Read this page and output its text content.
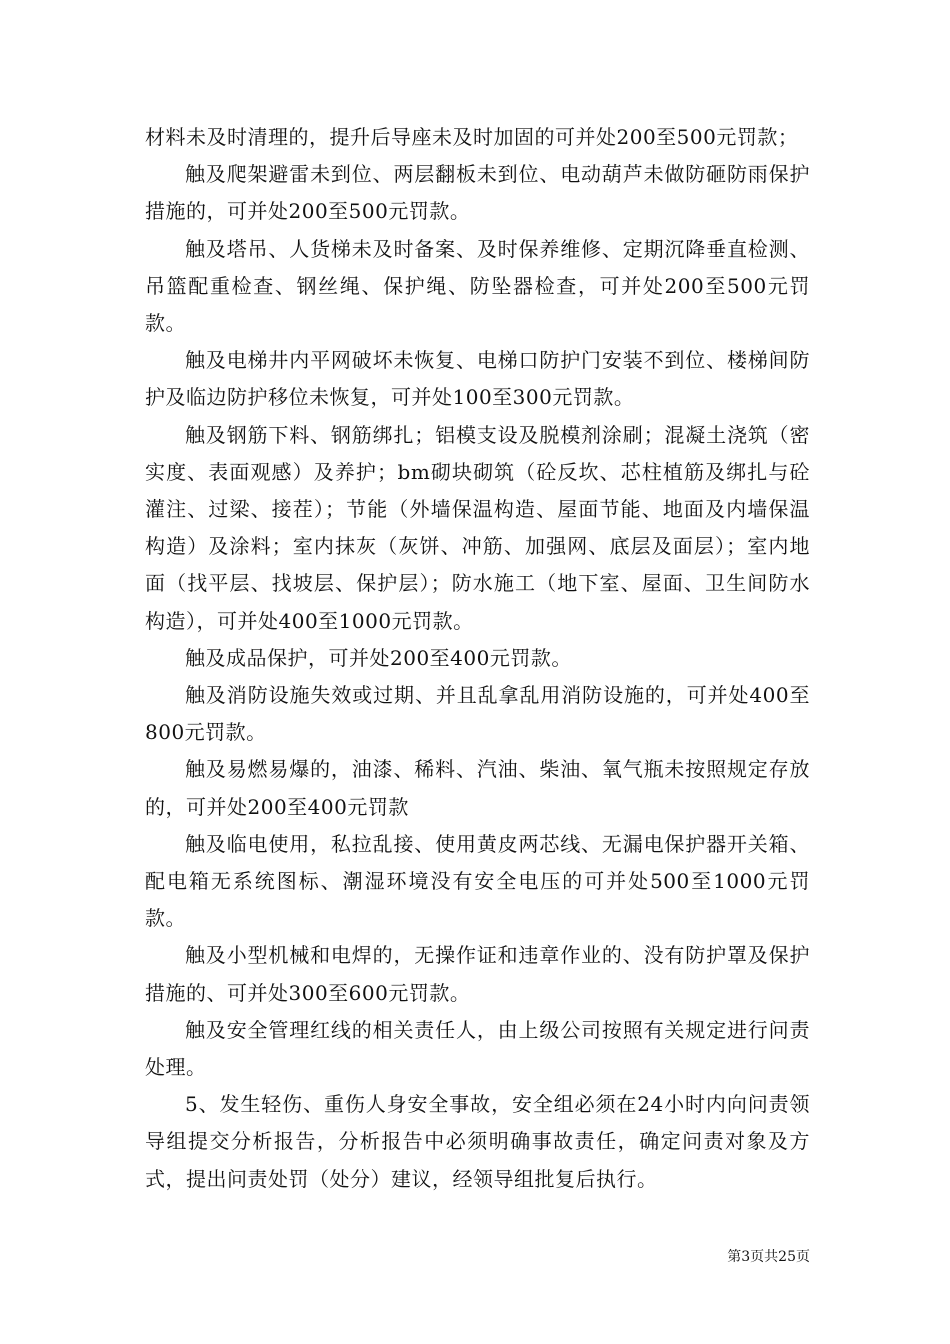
材料未及时清理的，提升后导座未及时加固的可并处200至500元罚款；

触及爬架避雷未到位、两层翻板未到位、电动葫芦未做防砸防雨保护措施的，可并处200至500元罚款。

触及塔吊、人货梯未及时备案、及时保养维修、定期沉降垂直检测、吊篮配重检查、钢丝绳、保护绳、防坠器检查，可并处200至500元罚款。

触及电梯井内平网破坏未恢复、电梯口防护门安装不到位、楼梯间防护及临边防护移位未恢复，可并处100至300元罚款。

触及钢筋下料、钢筋绑扎；铝模支设及脱模剂涂刷；混凝土浇筑（密实度、表面观感）及养护；bm砌块砌筑（砼反坎、芯柱植筋及绑扎与砼灌注、过梁、接茬）；节能（外墙保温构造、屋面节能、地面及内墙保温构造）及涂料；室内抹灰（灰饼、冲筋、加强网、底层及面层）；室内地面（找平层、找坡层、保护层）；防水施工（地下室、屋面、卫生间防水构造），可并处400至1000元罚款。

触及成品保护，可并处200至400元罚款。

触及消防设施失效或过期、并且乱拿乱用消防设施的，可并处400至800元罚款。

触及易燃易爆的，油漆、稀料、汽油、柴油、氧气瓶未按照规定存放的，可并处200至400元罚款

触及临电使用，私拉乱接、使用黄皮两芯线、无漏电保护器开关箱、配电箱无系统图标、潮湿环境没有安全电压的可并处500至1000元罚款。

触及小型机械和电焊的，无操作证和违章作业的、没有防护罩及保护措施的、可并处300至600元罚款。

触及安全管理红线的相关责任人，由上级公司按照有关规定进行问责处理。

5、发生轻伤、重伤人身安全事故，安全组必须在24小时内向问责领导组提交分析报告，分析报告中必须明确事故责任，确定问责对象及方式，提出问责处罚（处分）建议，经领导组批复后执行。

第3页共25页
